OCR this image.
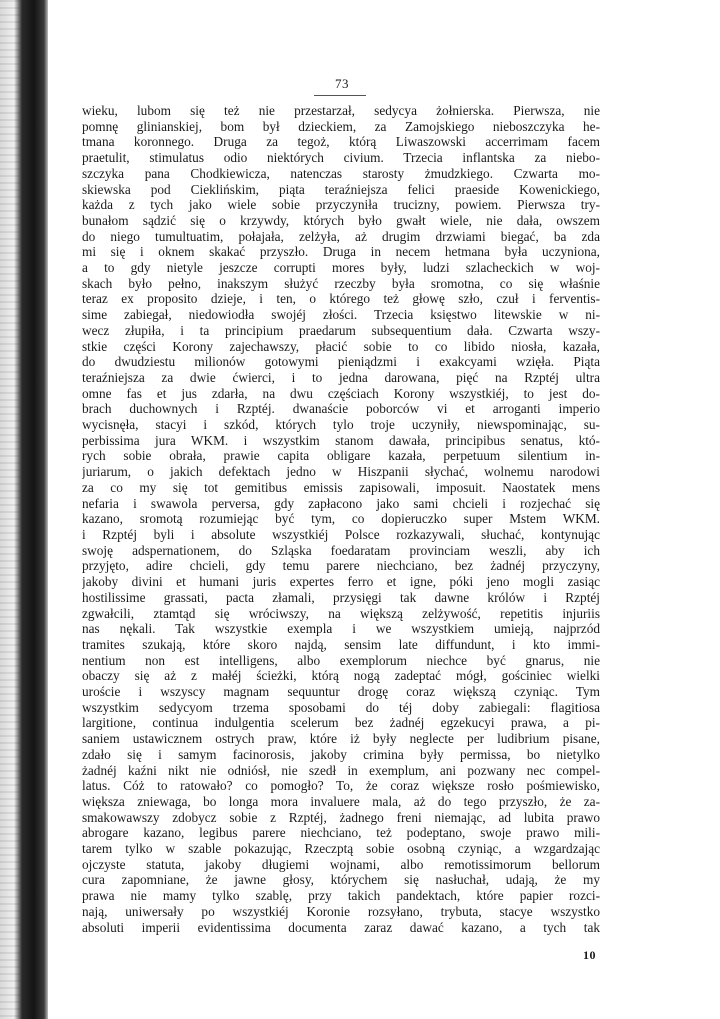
73
wieku, lubom się też nie przestarzał, sedycya żołnierska. Pierwsza, nie
pomnę glinianskiej, bom był dzieckiem, za Zamojskiego nieboszczyka he-
tmana koronnego. Druga za tegoż, którą Liwaszowski accerrimam facem
praetulit, stimulatus odio niektórych civium. Trzecia inflantska za niebo-
szczyka pana Chodkiewicza, natenczas starosty żmudzkiego. Czwarta mo-
skiewska pod Cieklińskim, piąta teraźniejsza felici praeside Kowenickiego,
każda z tych jako wiele sobie przyczyniła trucizny, powiem. Pierwsza try-
bunałom sądzić się o krzywdy, których było gwałt wiele, nie dała, owszem
do niego tumultuatim, połajała, zelżyła, aż drugim drzwiami biegać, ba zda
mi się i oknem skakać przyszło. Druga in necem hetmana była uczyniona,
a to gdy nietyle jeszcze corrupti mores były, ludzi szlacheckich w woj-
skach było pełno, inakszym służyć rzeczby była sromotna, co się właśnie
teraz ex proposito dzieje, i ten, o którego też głowę szło, czuł i ferventis-
sime zabiegał, niedowiodła swojéj złości. Trzecia księstwo litewskie w ni-
wecz złupiła, i ta principium praedarum subsequentium dała. Czwarta wszy-
stkie części Korony zajechawszy, płacić sobie to co libido niosła, kazała,
do dwudziestu milionów gotowymi pieniądzmi i exakcyami wzięła. Piąta
teraźniejsza za dwie ćwierci, i to jedna darowana, pięć na Rzptéj ultra
omne fas et jus zdarła, na dwu częściach Korony wszystkiéj, to jest do-
brach duchownych i Rzptéj. dwanaście poborców vi et arroganti imperio
wycisnęła, stacyi i szkód, których tylo troje uczyniły, niewspominając, su-
perbissima jura WKM. i wszystkim stanom dawała, principibus senatus, któ-
rych sobie obrała, prawie capita obligare kazała, perpetuum silentium in-
juriarum, o jakich defektach jedno w Hiszpanii słychać, wolnemu narodowi
za co my się tot gemitibus emissis zapisowali, imposuit. Naostatek mens
nefaria i swawola perversa, gdy zapłacono jako sami chcieli i rozjechać się
kazano, sromotą rozumiejąc być tym, co dopieruczko super Mstem WKM.
i Rzptéj byli i absolute wszystkiéj Polsce rozkazywali, słuchać, kontynując
swoję adspernationem, do Szląska foedaratam provinciam weszli, aby ich
przyjęto, adire chcieli, gdy temu parere niechciano, bez żadnéj przyczyny,
jakoby divini et humani juris expertes ferro et igne, póki jeno mogli zasiąc
hostilissime grassati, pacta złamali, przysięgi tak dawne królów i Rzptéj
zgwałcili, ztamtąd się wróciwszy, na większą zelżywość, repetitis injuriis
nas nękali. Tak wszystkie exempla i we wszystkiem umieją, najprzód
tramites szukają, które skoro najdą, sensim late diffundunt, i kto immi-
nentium non est intelligens, albo exemplorum niechce być gnarus, nie
obaczy się aż z małéj ścieżki, którą nogą zadeptać mógł, gościniec wielki
uroście i wszyscy magnam sequuntur drogę coraz większą czyniąc. Tym
wszystkim sedycyom trzema sposobami do téj doby zabiegali: flagitiosa
largitione, continua indulgentia scelerum bez żadnéj egzekucyi prawa, a pi-
saniem ustawicznem ostrych praw, które iż były neglecte per ludibrium pisane,
zdało się i samym facinorosis, jakoby crimina były permissa, bo nietylko
żadnéj kaźni nikt nie odniósł, nie szedł in exemplum, ani pozwany nec compel-
latus. Cóż to ratowało? co pomogło? To, że coraz większe rosło pośmiewisko,
większa zniewaga, bo longa mora invaluere mala, aż do tego przyszło, że za-
smakowawszy zdobycz sobie z Rzptéj, żadnego freni niemając, ad lubita prawo
abrogare kazano, legibus parere niechciano, też podeptano, swoje prawo mili-
tarem tylko w szable pokazując, Rzeczptą sobie osobną czyniąc, a wzgardzając
ojczyste statuta, jakoby długiemi wojnami, albo remotissimorum bellorum
cura zapomniane, że jawne głosy, którychem się nasłuchał, udają, że my
prawa nie mamy tylko szablę, przy takich pandektach, które papier rozci-
nają, uniwersały po wszystkiéj Koronie rozsyłano, trybuta, stacye wszystko
absoluti imperii evidentissima documenta zaraz dawać kazano, a tych tak
10
